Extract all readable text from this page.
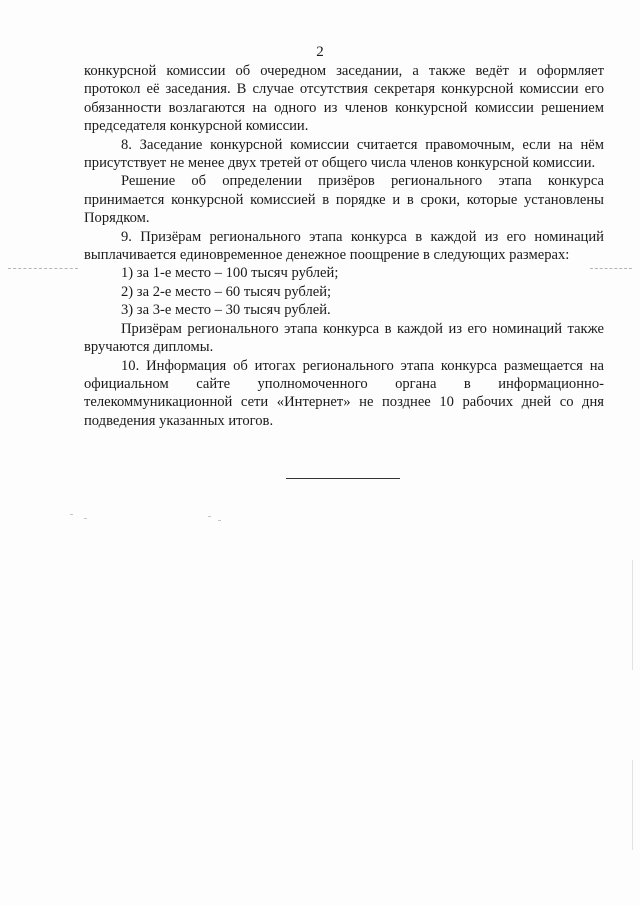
2

конкурсной комиссии об очередном заседании, а также ведёт и оформляет протокол её заседания. В случае отсутствия секретаря конкурсной комиссии его обязанности возлагаются на одного из членов конкурсной комиссии решением председателя конкурсной комиссии.

8. Заседание конкурсной комиссии считается правомочным, если на нём присутствует не менее двух третей от общего числа членов конкурсной комиссии.

Решение об определении призёров регионального этапа конкурса принимается конкурсной комиссией в порядке и в сроки, которые установлены Порядком.

9. Призёрам регионального этапа конкурса в каждой из его номинаций выплачивается единовременное денежное поощрение в следующих размерах:

1) за 1-е место – 100 тысяч рублей;

2) за 2-е место – 60 тысяч рублей;

3) за 3-е место – 30 тысяч рублей.

Призёрам регионального этапа конкурса в каждой из его номинаций также вручаются дипломы.

10. Информация об итогах регионального этапа конкурса размещается на официальном сайте уполномоченного органа в информационно-телекоммуникационной сети «Интернет» не позднее 10 рабочих дней со дня подведения указанных итогов.
